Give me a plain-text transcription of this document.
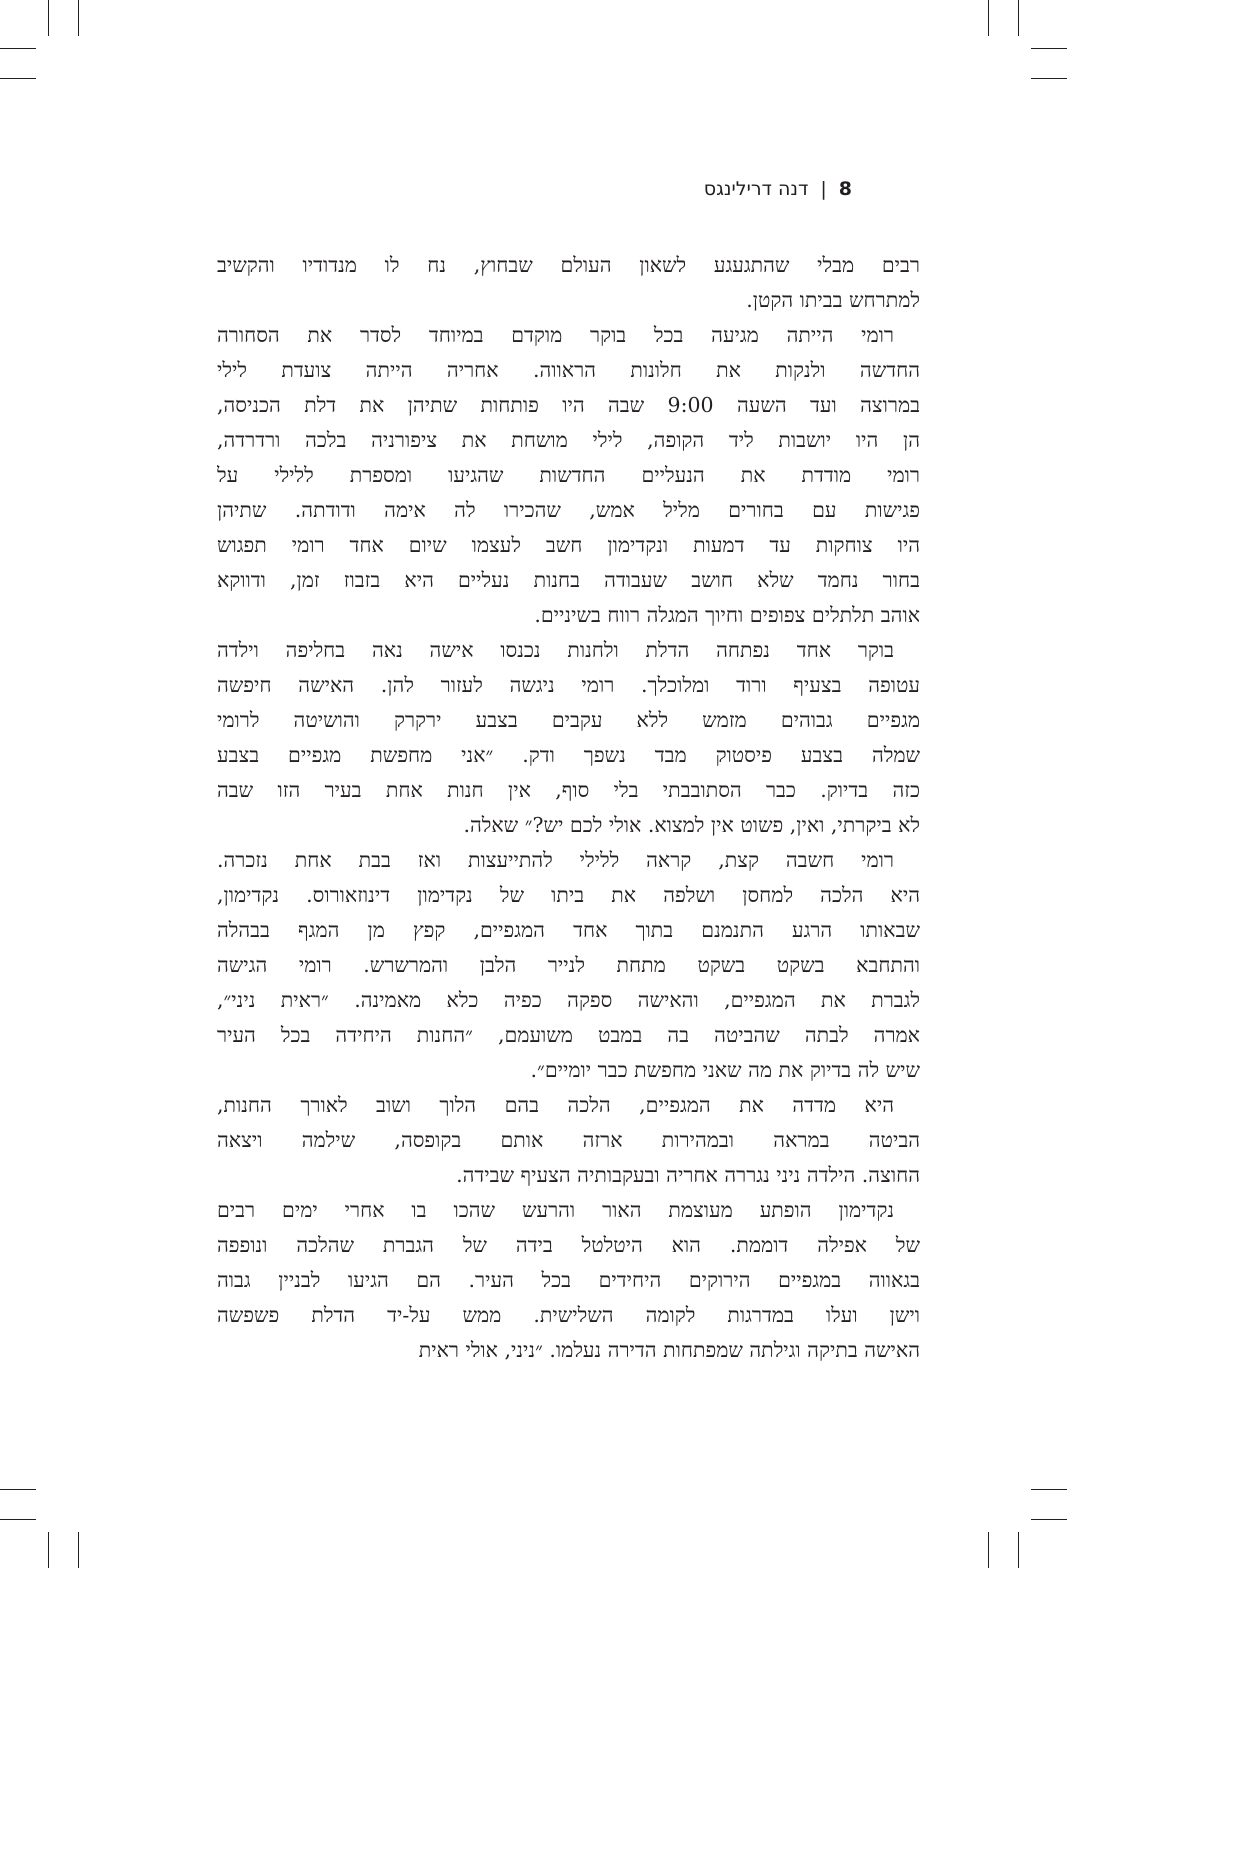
8|דנה דרילינגס

רבים מבלי שהתגעגע לשאון העולם שבחוץ, נח לו מנדודיו והקשיב
למתרחש בביתו הקטן.

רומי הייתה מגיעה בכל בוקר מוקדם במיוחד לסדר את הסחורה
החדשה ולנקות את חלונות הראווה. אחריה הייתה צועדת לילי
במרוצה ועד השעה 9:00 שבה היו פותחות שתיהן את דלת הכניסה,
הן היו יושבות ליד הקופה, לילי מושחת את ציפורניה בלכה ורדרדה,
רומי מודדת את הנעליים החדשות שהגיעו ומספרת ללילי על
פגישות עם בחורים מליל אמש, שהכירו לה אימה ודודתה. שתיהן
היו צוחקות עד דמעות ונקדימון חשב לעצמו שיום אחד רומי תפגוש
בחור נחמד שלא חושב שעבודה בחנות נעליים היא בזבוז זמן, ודווקא
אוהב תלתלים צפופים וחיוך המגלה רווח בשיניים.

בוקר אחד נפתחה הדלת ולחנות נכנסו אישה נאה בחליפה וילדה
עטופה בצעיף ורוד ומלוכלך. רומי ניגשה לעזור להן. האישה חיפשה
מגפיים גבוהים מזמש ללא עקבים בצבע ירקרק והושיטה לרומי
שמלה בצבע פיסטוק מבד נשפך ודק. ״אני מחפשת מגפיים בצבע
כזה בדיוק. כבר הסתובבתי בלי סוף, אין חנות אחת בעיר הזו שבה
לא ביקרתי, ואין, פשוט אין למצוא. אולי לכם יש?״ שאלה.

רומי חשבה קצת, קראה ללילי להתייעצות ואז בבת אחת נזכרה.
היא הלכה למחסן ושלפה את ביתו של נקדימון דינוזאורוס. נקדימון,
שבאותו הרגע התנמנם בתוך אחד המגפיים, קפץ מן המגף בבהלה
והתחבא בשקט בשקט מתחת לנייר הלבן והמרשרש. רומי הגישה
לגברת את המגפיים, והאישה ספקה כפיה כלא מאמינה. ״ראית ניני״,
אמרה לבתה שהביטה בה במבט משועמם, ״החנות היחידה בכל העיר
שיש לה בדיוק את מה שאני מחפשת כבר יומיים״.

היא מדדה את המגפיים, הלכה בהם הלוך ושוב לאורך החנות,
הביטה במראה ובמהירות ארזה אותם בקופסה, שילמה ויצאה
החוצה. הילדה ניני נגררה אחריה ובעקבותיה הצעיף שבידה.

נקדימון הופתע מעוצמת האור והרעש שהכו בו אחרי ימים רבים
של אפילה דוממת. הוא היטלטל בידה של הגברת שהלכה ונופפה
בגאווה במגפיים הירוקים היחידים בכל העיר. הם הגיעו לבניין גבוה
וישן ועלו במדרגות לקומה השלישית. ממש על-יד הדלת פשפשה
האישה בתיקה וגילתה שמפתחות הדירה נעלמו. ״ניני, אולי ראית
